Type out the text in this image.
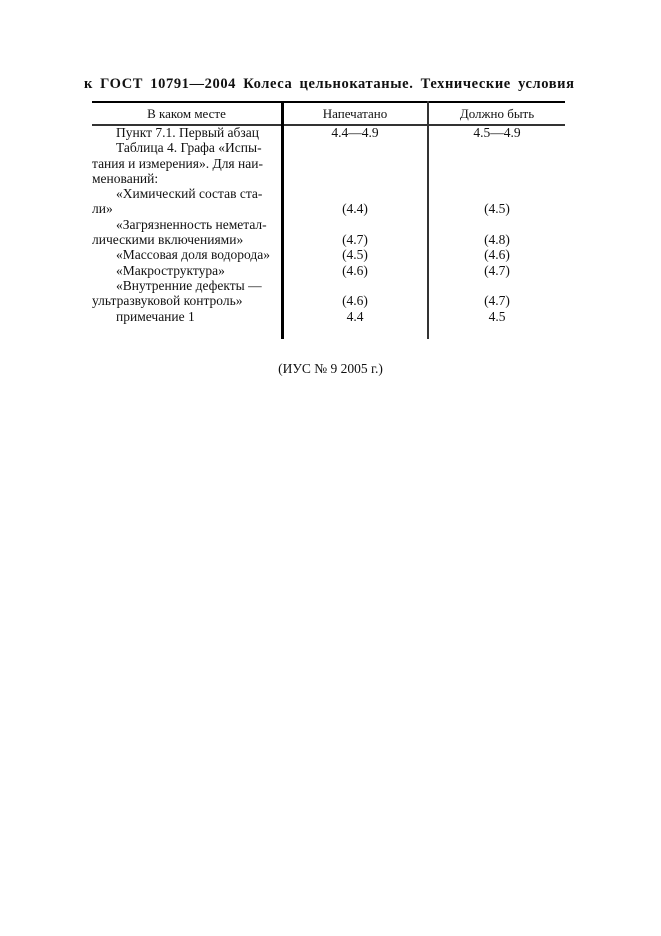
к ГОСТ 10791—2004 Колеса цельнокатаные. Технические условия
В каком месте	Напечатано	Должно быть
Пункт 7.1. Первый абзац	4.4—4.9	4.5—4.9
Таблица 4. Графа «Испы-
тания и измерения». Для наи-
менований:
«Химический состав ста-
ли»	(4.4)	(4.5)
«Загрязненность неметал-
лическими включениями»	(4.7)	(4.8)
«Массовая доля водорода»	(4.5)	(4.6)
«Макроструктура»	(4.6)	(4.7)
«Внутренние дефекты —
ультразвуковой контроль»	(4.6)	(4.7)
примечание 1	4.4	4.5
(ИУС № 9 2005 г.)
